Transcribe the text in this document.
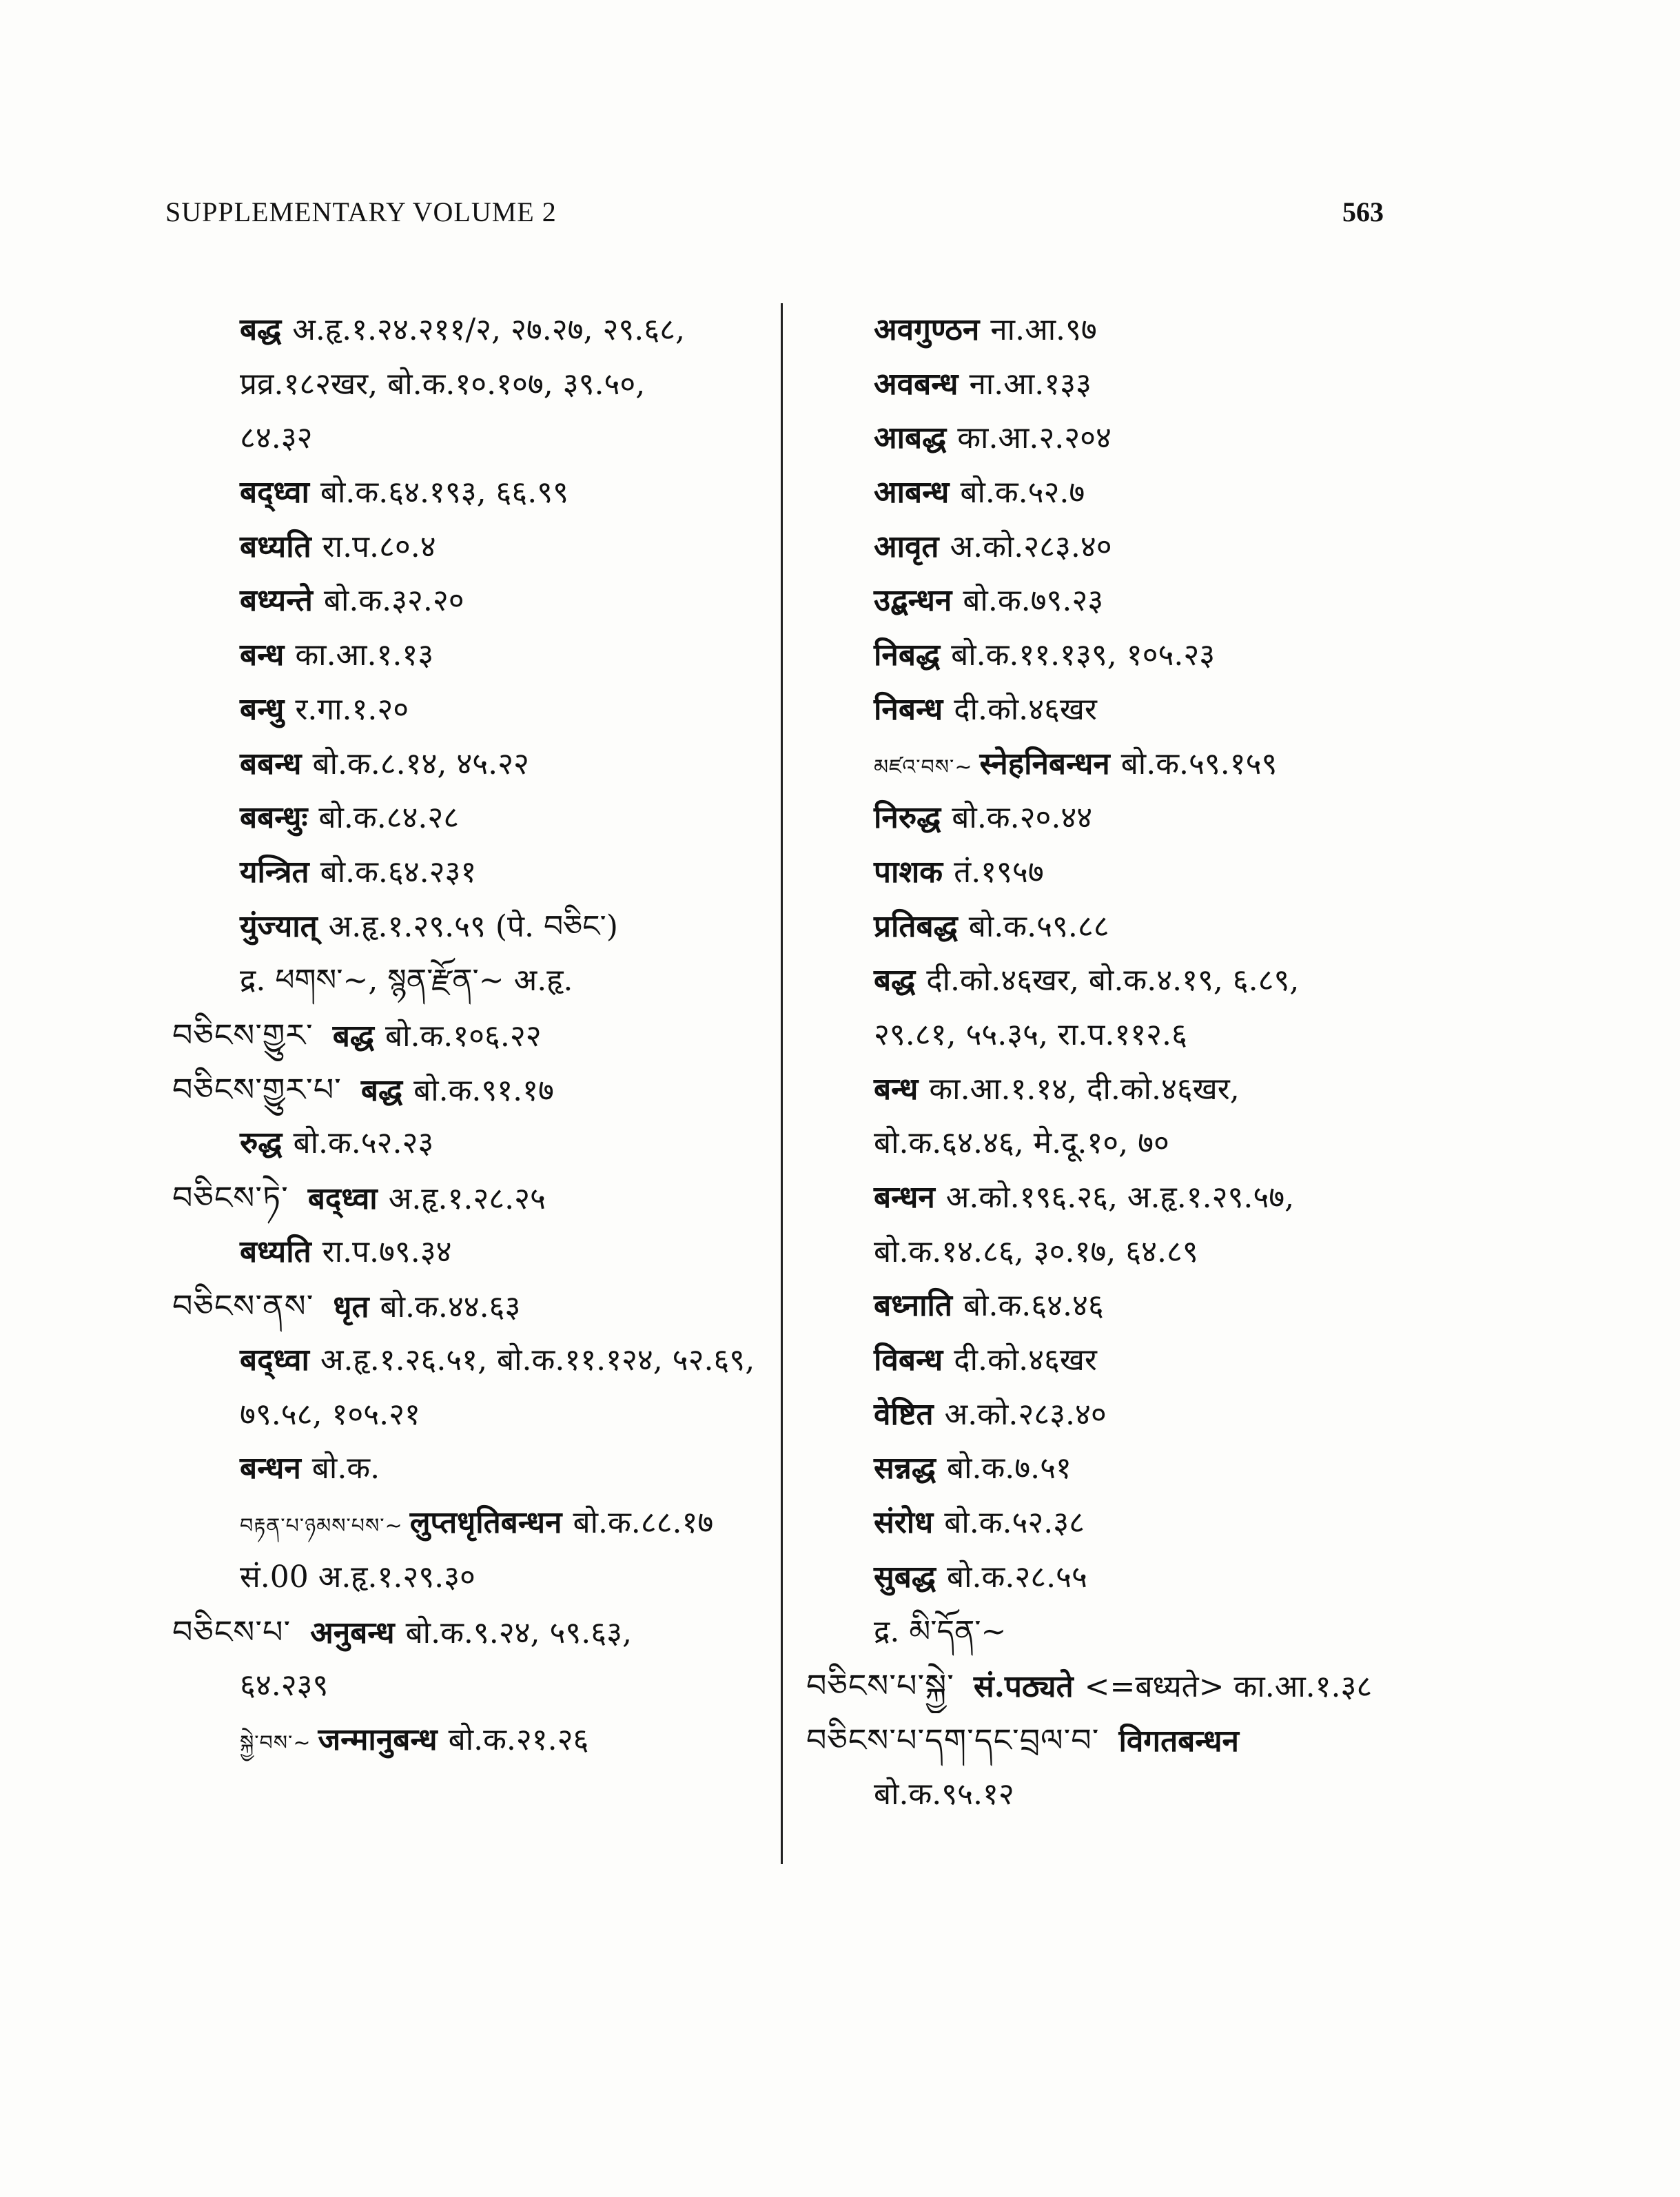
SUPPLEMENTARY VOLUME 2	563
बद्ध अ.हृ.१.२४.२११/२, २७.२७, २९.६८,
प्रव्र.१८२खर, बो.क.१०.१०७, ३९.५०,
८४.३२
बद्ध्वा बो.क.६४.१९३, ६६.९९
बध्यति रा.प.८०.४
बध्यन्ते बो.क.३२.२०
बन्ध का.आ.१.१३
बन्धु र.गा.१.२०
बबन्ध बो.क.८.१४, ४५.२२
बबन्धुः बो.क.८४.२८
यन्त्रित बो.क.६४.२३१
युंज्यात् अ.हृ.१.२९.५९ (पे. བཅིང་)
द्र. ཕགས་~, སྙན་རྫོན་~ अ.हृ.
བཅིངས་གྱུར་ बद्ध बो.क.१०६.२२
བཅིངས་གྱུར་པ་ बद्ध बो.क.९१.१७
रुद्ध बो.क.५२.२३
བཅིངས་ཏེ་ बद्ध्वा अ.हृ.१.२८.२५
बध्यति रा.प.७९.३४
བཅིངས་ནས་ धृत बो.क.४४.६३
बद्ध्वा अ.हृ.१.२६.५१, बो.क.११.१२४, ५२.६९,
७९.५८, १०५.२१
बन्धन बो.क.
བརྟན་པ་ཉམས་པས་~ लुप्तधृतिबन्धन बो.क.८८.१७
सं.00 अ.हृ.१.२९.३०
བཅིངས་པ་ अनुबन्ध बो.क.९.२४, ५९.६३,
६४.२३९
སྐྱེ་བས་~ जन्मानुबन्ध बो.क.२१.२६
अवगुण्ठन ना.आ.९७
अवबन्ध ना.आ.१३३
आबद्ध का.आ.२.२०४
आबन्ध बो.क.५२.७
आवृत अ.को.२८३.४०
उद्बन्धन बो.क.७९.२३
निबद्ध बो.क.११.१३९, १०५.२३
निबन्ध दी.को.४६खर
མཛའ་བས་~ स्नेहनिबन्धन बो.क.५९.१५९
निरुद्ध बो.क.२०.४४
पाशक तं.१९५७
प्रतिबद्ध बो.क.५९.८८
बद्ध दी.को.४६खर, बो.क.४.१९, ६.८९,
२९.८१, ५५.३५, रा.प.११२.६
बन्ध का.आ.१.१४, दी.को.४६खर,
बो.क.६४.४६, मे.दू.१०, ७०
बन्धन अ.को.१९६.२६, अ.हृ.१.२९.५७,
बो.क.१४.८६, ३०.१७, ६४.८९
बध्नाति बो.क.६४.४६
विबन्ध दी.को.४६खर
वेष्टित अ.को.२८३.४०
सन्नद्ध बो.क.७.५१
संरोध बो.क.५२.३८
सुबद्ध बो.क.२८.५५
द्र. མི་དོན་~
བཅིངས་པ་སྐྱེ་ सं.पठ्यते <=बध्यते> का.आ.१.३८
བཅིངས་པ་དག་དང་བྲལ་བ་ विगतबन्धन
बो.क.९५.१२
